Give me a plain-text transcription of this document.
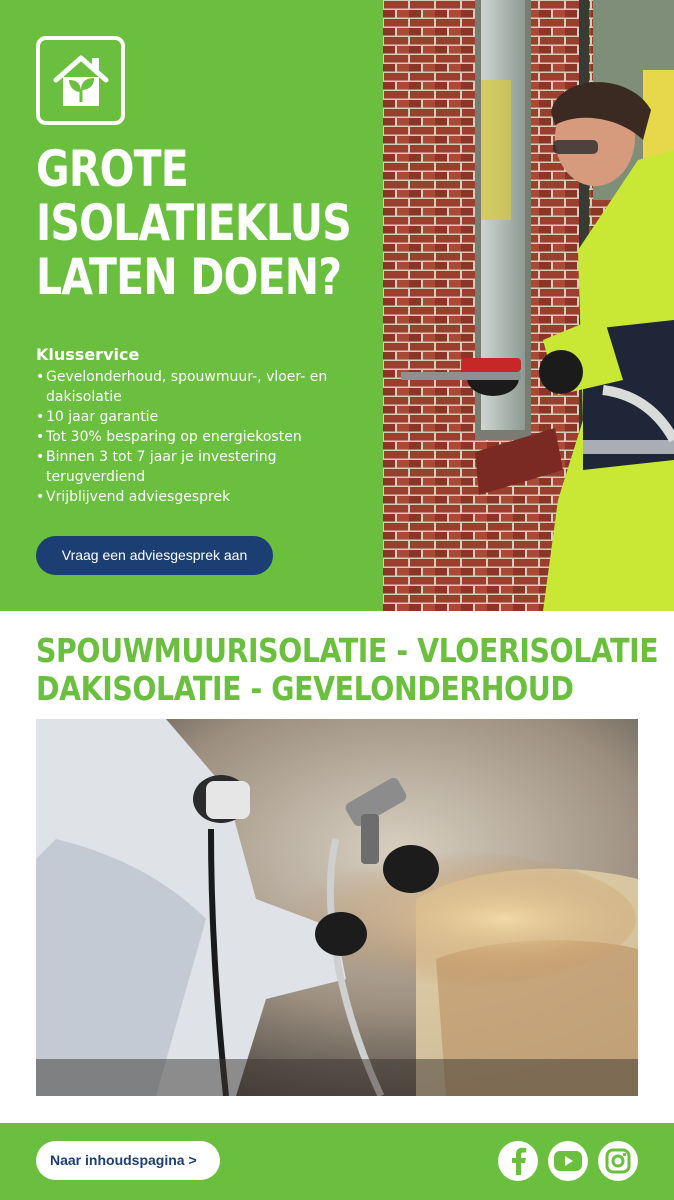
GROTE
ISOLATIEKLUS
LATEN DOEN?
Klusservice
• Gevelonderhoud, spouwmuur-, vloer- en dakisolatie
• 10 jaar garantie
• Tot 30% besparing op energiekosten
• Binnen 3 tot 7 jaar je investering terugverdiend
• Vrijblijvend adviesgesprek
Vraag een adviesgesprek aan
SPOUWMUURISOLATIE - VLOERISOLATIE
DAKISOLATIE - GEVELONDERHOUD
Naar inhoudspagina >
